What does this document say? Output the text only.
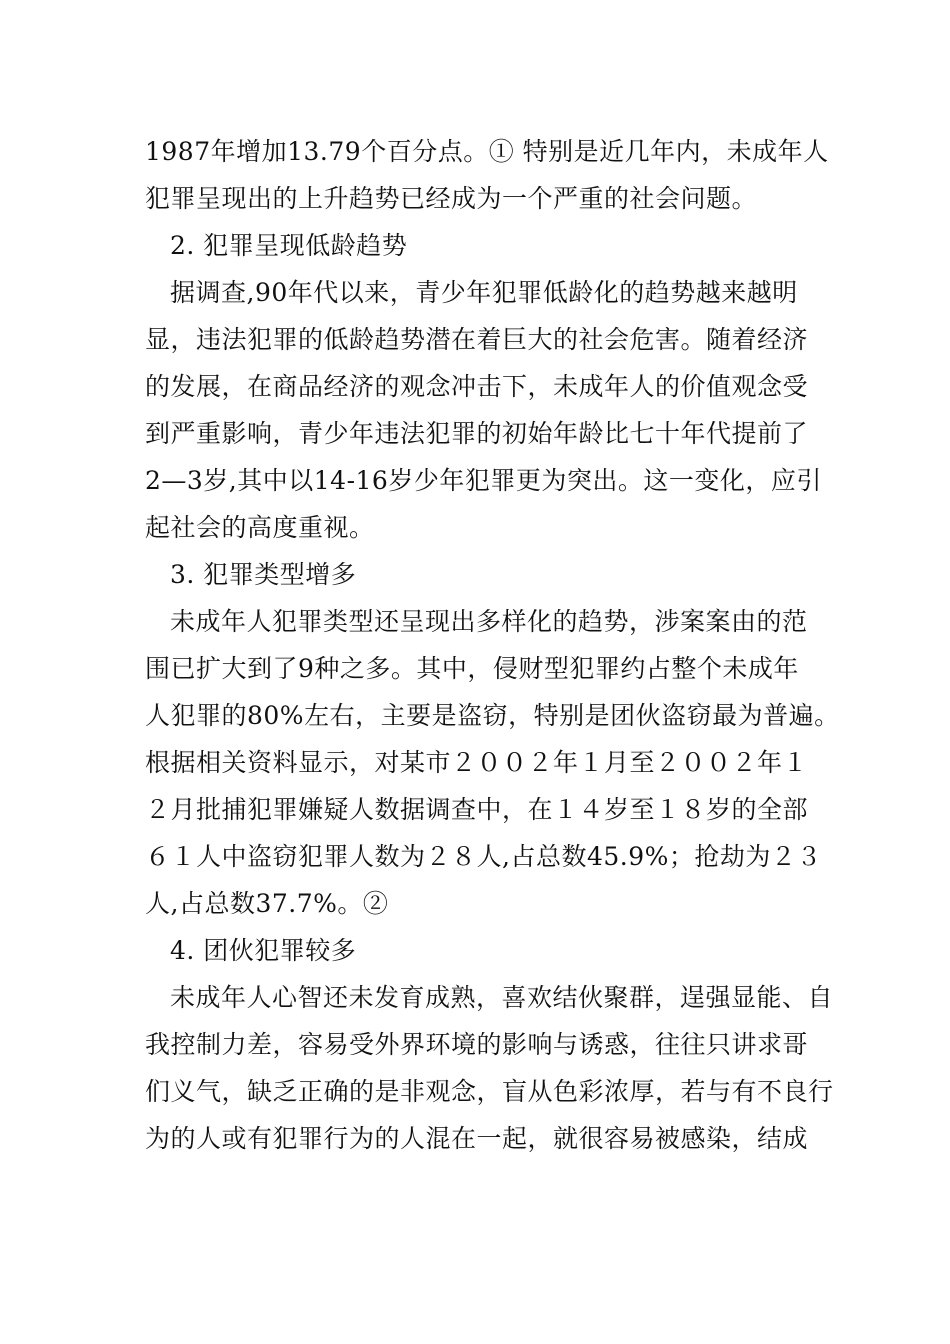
1987年增加13.79个百分点。① 特别是近几年内，未成年人
犯罪呈现出的上升趋势已经成为一个严重的社会问题。
2. 犯罪呈现低龄趋势
据调查,90年代以来，青少年犯罪低龄化的趋势越来越明
显，违法犯罪的低龄趋势潜在着巨大的社会危害。随着经济
的发展，在商品经济的观念冲击下，未成年人的价值观念受
到严重影响，青少年违法犯罪的初始年龄比七十年代提前了
2—3岁,其中以14-16岁少年犯罪更为突出。这一变化，应引
起社会的高度重视。
3. 犯罪类型增多
未成年人犯罪类型还呈现出多样化的趋势，涉案案由的范
围已扩大到了9种之多。其中，侵财型犯罪约占整个未成年
人犯罪的80%左右，主要是盗窃，特别是团伙盗窃最为普遍。
根据相关资料显示，对某市２００２年１月至２００２年１
２月批捕犯罪嫌疑人数据调查中，在１４岁至１８岁的全部
６１人中盗窃犯罪人数为２８人,占总数45.9%；抢劫为２３
人,占总数37.7%。②
4. 团伙犯罪较多
未成年人心智还未发育成熟，喜欢结伙聚群，逞强显能、自
我控制力差，容易受外界环境的影响与诱惑，往往只讲求哥
们义气，缺乏正确的是非观念，盲从色彩浓厚，若与有不良行
为的人或有犯罪行为的人混在一起，就很容易被感染，结成
